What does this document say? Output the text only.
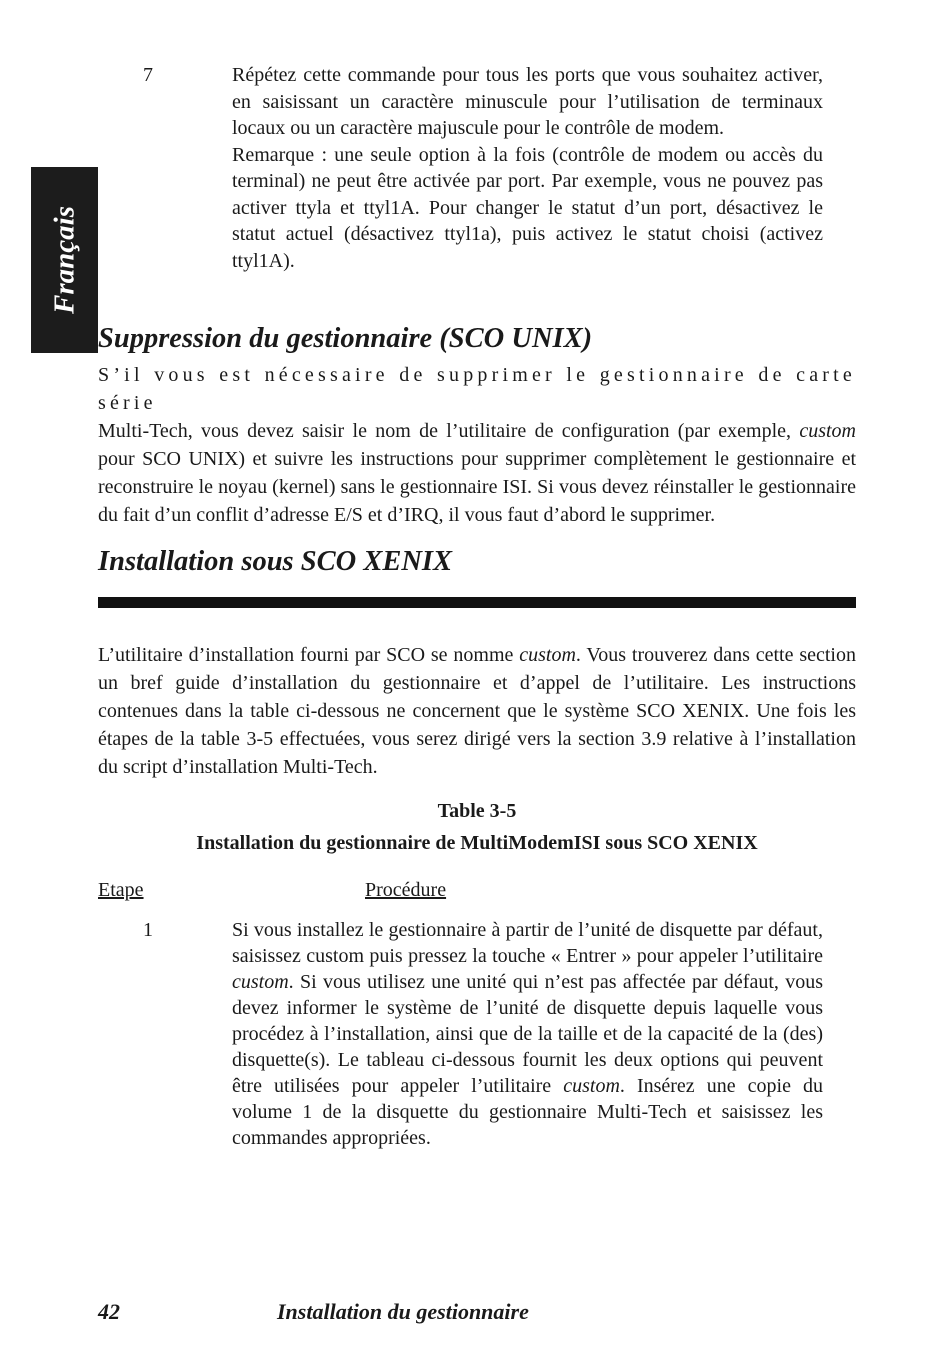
Français
7	Répétez cette commande pour tous les ports que vous souhaitez activer, en saisissant un caractère minuscule pour l’utilisation de terminaux locaux ou un caractère majuscule pour le contrôle de modem.

Remarque : une seule option à la fois (contrôle de modem ou accès du terminal) ne peut être activée par port. Par exemple, vous ne pouvez pas activer ttyla et ttyl1A. Pour changer le statut d’un port, désactivez le statut actuel (désactivez ttyl1a), puis activez le statut choisi (activez ttyl1A).

Suppression du gestionnaire (SCO UNIX)
S’il vous est nécessaire de supprimer le gestionnaire de carte série
Multi-Tech, vous devez saisir le nom de l’utilitaire de configuration (par exemple, custom pour SCO UNIX) et suivre les instructions pour supprimer complètement le gestionnaire et reconstruire le noyau (kernel) sans le gestionnaire ISI. Si vous devez réinstaller le gestionnaire du fait d’un conflit d’adresse E/S et d’IRQ, il vous faut d’abord le supprimer.
Installation sous SCO XENIX

L’utilitaire d’installation fourni par SCO se nomme custom. Vous trouverez dans cette section un bref guide d’installation du gestionnaire et d’appel de l’utilitaire. Les instructions contenues dans la table ci-dessous ne concernent que le système SCO XENIX. Une fois les étapes de la table 3-5 effectuées, vous serez dirigé vers la section 3.9 relative à l’installation du script d’installation Multi-Tech.

Table 3-5
Installation du gestionnaire de MultiModemISI sous SCO XENIX
Etape	Procédure
1	Si vous installez le gestionnaire à partir de l’unité de disquette par défaut, saisissez custom puis pressez la touche « Entrer » pour appeler l’utilitaire custom. Si vous utilisez une unité qui n’est pas affectée par défaut, vous devez informer le système de l’unité de disquette depuis laquelle vous procédez à l’installation, ainsi que de la taille et de la capacité de la (des) disquette(s). Le tableau ci-dessous fournit les deux options qui peuvent être utilisées pour appeler l’utilitaire custom. Insérez une copie du volume 1 de la disquette du gestionnaire Multi-Tech et saisissez les commandes appropriées.
42	Installation du gestionnaire
